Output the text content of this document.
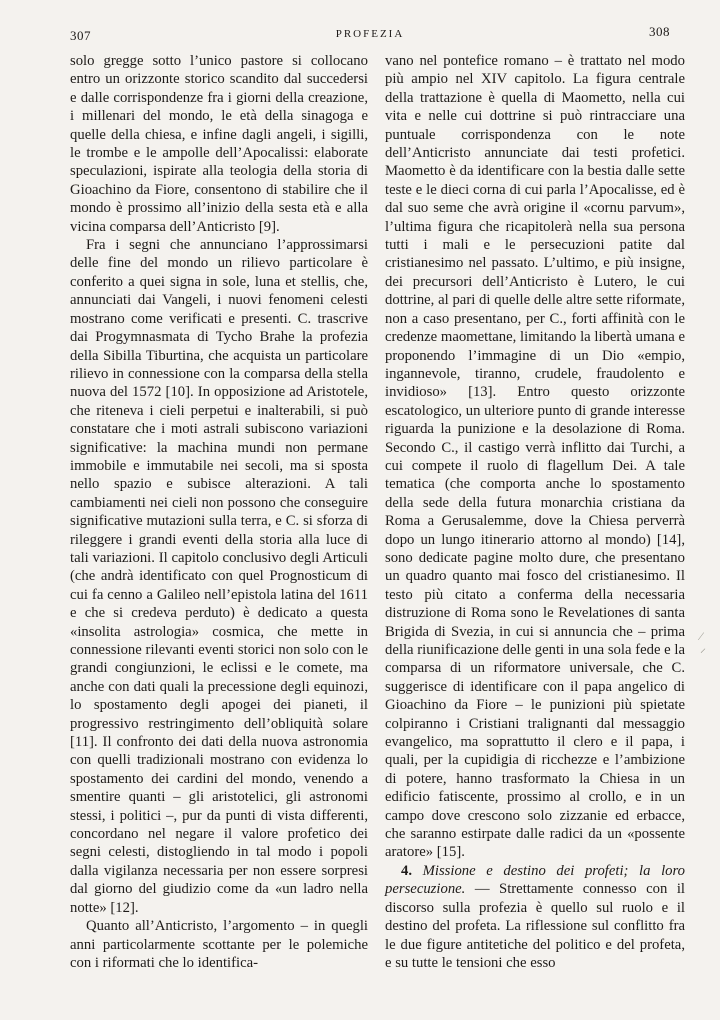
307	PROFEZIA	308

solo gregge sotto l’unico pastore si collocano entro un orizzonte storico scandito dal succedersi e dalle corrispondenze fra i giorni della creazione, i millenari del mondo, le età della sinagoga e quelle della chiesa, e infine dagli angeli, i sigilli, le trombe e le ampolle dell’Apocalissi: elaborate speculazioni, ispirate alla teologia della storia di Gioachino da Fiore, consentono di stabilire che il mondo è prossimo all’inizio della sesta età e alla vicina comparsa dell’Anticristo [9].

Fra i segni che annunciano l’approssimarsi delle fine del mondo un rilievo particolare è conferito a quei signa in sole, luna et stellis, che, annunciati dai Vangeli, i nuovi fenomeni celesti mostrano come verificati e presenti. C. trascrive dai Progymnasmata di Tycho Brahe la profezia della Sibilla Tiburtina, che acquista un particolare rilievo in connessione con la comparsa della stella nuova del 1572 [10]. In opposizione ad Aristotele, che riteneva i cieli perpetui e inalterabili, si può constatare che i moti astrali subiscono variazioni significative: la machina mundi non permane immobile e immutabile nei secoli, ma si sposta nello spazio e subisce alterazioni. A tali cambiamenti nei cieli non possono che conseguire significative mutazioni sulla terra, e C. si sforza di rileggere i grandi eventi della storia alla luce di tali variazioni. Il capitolo conclusivo degli Articuli (che andrà identificato con quel Prognosticum di cui fa cenno a Galileo nell’epistola latina del 1611 e che si credeva perduto) è dedicato a questa «insolita astrologia» cosmica, che mette in connessione rilevanti eventi storici non solo con le grandi congiunzioni, le eclissi e le comete, ma anche con dati quali la precessione degli equinozi, lo spostamento degli apogei dei pianeti, il progressivo restringimento dell’obliquità solare [11]. Il confronto dei dati della nuova astronomia con quelli tradizionali mostrano con evidenza lo spostamento dei cardini del mondo, venendo a smentire quanti – gli aristotelici, gli astronomi stessi, i politici –, pur da punti di vista differenti, concordano nel negare il valore profetico dei segni celesti, distogliendo in tal modo i popoli dalla vigilanza necessaria per non essere sorpresi dal giorno del giudizio come da «un ladro nella notte» [12].

Quanto all’Anticristo, l’argomento – in quegli anni particolarmente scottante per le polemiche con i riformati che lo identifica-

vano nel pontefice romano – è trattato nel modo più ampio nel XIV capitolo. La figura centrale della trattazione è quella di Maometto, nella cui vita e nelle cui dottrine si può rintracciare una puntuale corrispondenza con le note dell’Anticristo annunciate dai testi profetici. Maometto è da identificare con la bestia dalle sette teste e le dieci corna di cui parla l’Apocalisse, ed è dal suo seme che avrà origine il «cornu parvum», l’ultima figura che ricapitolerà nella sua persona tutti i mali e le persecuzioni patite dal cristianesimo nel passato. L’ultimo, e più insigne, dei precursori dell’Anticristo è Lutero, le cui dottrine, al pari di quelle delle altre sette riformate, non a caso presentano, per C., forti affinità con le credenze maomettane, limitando la libertà umana e proponendo l’immagine di un Dio «empio, ingannevole, tiranno, crudele, fraudolento e invidioso» [13]. Entro questo orizzonte escatologico, un ulteriore punto di grande interesse riguarda la punizione e la desolazione di Roma. Secondo C., il castigo verrà inflitto dai Turchi, a cui compete il ruolo di flagellum Dei. A tale tematica (che comporta anche lo spostamento della sede della futura monarchia cristiana da Roma a Gerusalemme, dove la Chiesa perverrà dopo un lungo itinerario attorno al mondo) [14], sono dedicate pagine molto dure, che presentano un quadro quanto mai fosco del cristianesimo. Il testo più citato a conferma della necessaria distruzione di Roma sono le Revelationes di santa Brigida di Svezia, in cui si annuncia che – prima della riunificazione delle genti in una sola fede e la comparsa di un riformatore universale, che C. suggerisce di identificare con il papa angelico di Gioachino da Fiore – le punizioni più spietate colpiranno i Cristiani tralignanti dal messaggio evangelico, ma soprattutto il clero e il papa, i quali, per la cupidigia di ricchezze e l’ambizione di potere, hanno trasformato la Chiesa in un edificio fatiscente, prossimo al crollo, e in un campo dove crescono solo zizzanie ed erbacce, che saranno estirpate dalle radici da un «possente aratore» [15].

4. Missione e destino dei profeti; la loro persecuzione. — Strettamente connesso con il discorso sulla profezia è quello sul ruolo e il destino del profeta. La riflessione sul conflitto fra le due figure antitetiche del politico e del profeta, e su tutte le tensioni che esso

⁄ ⸝
